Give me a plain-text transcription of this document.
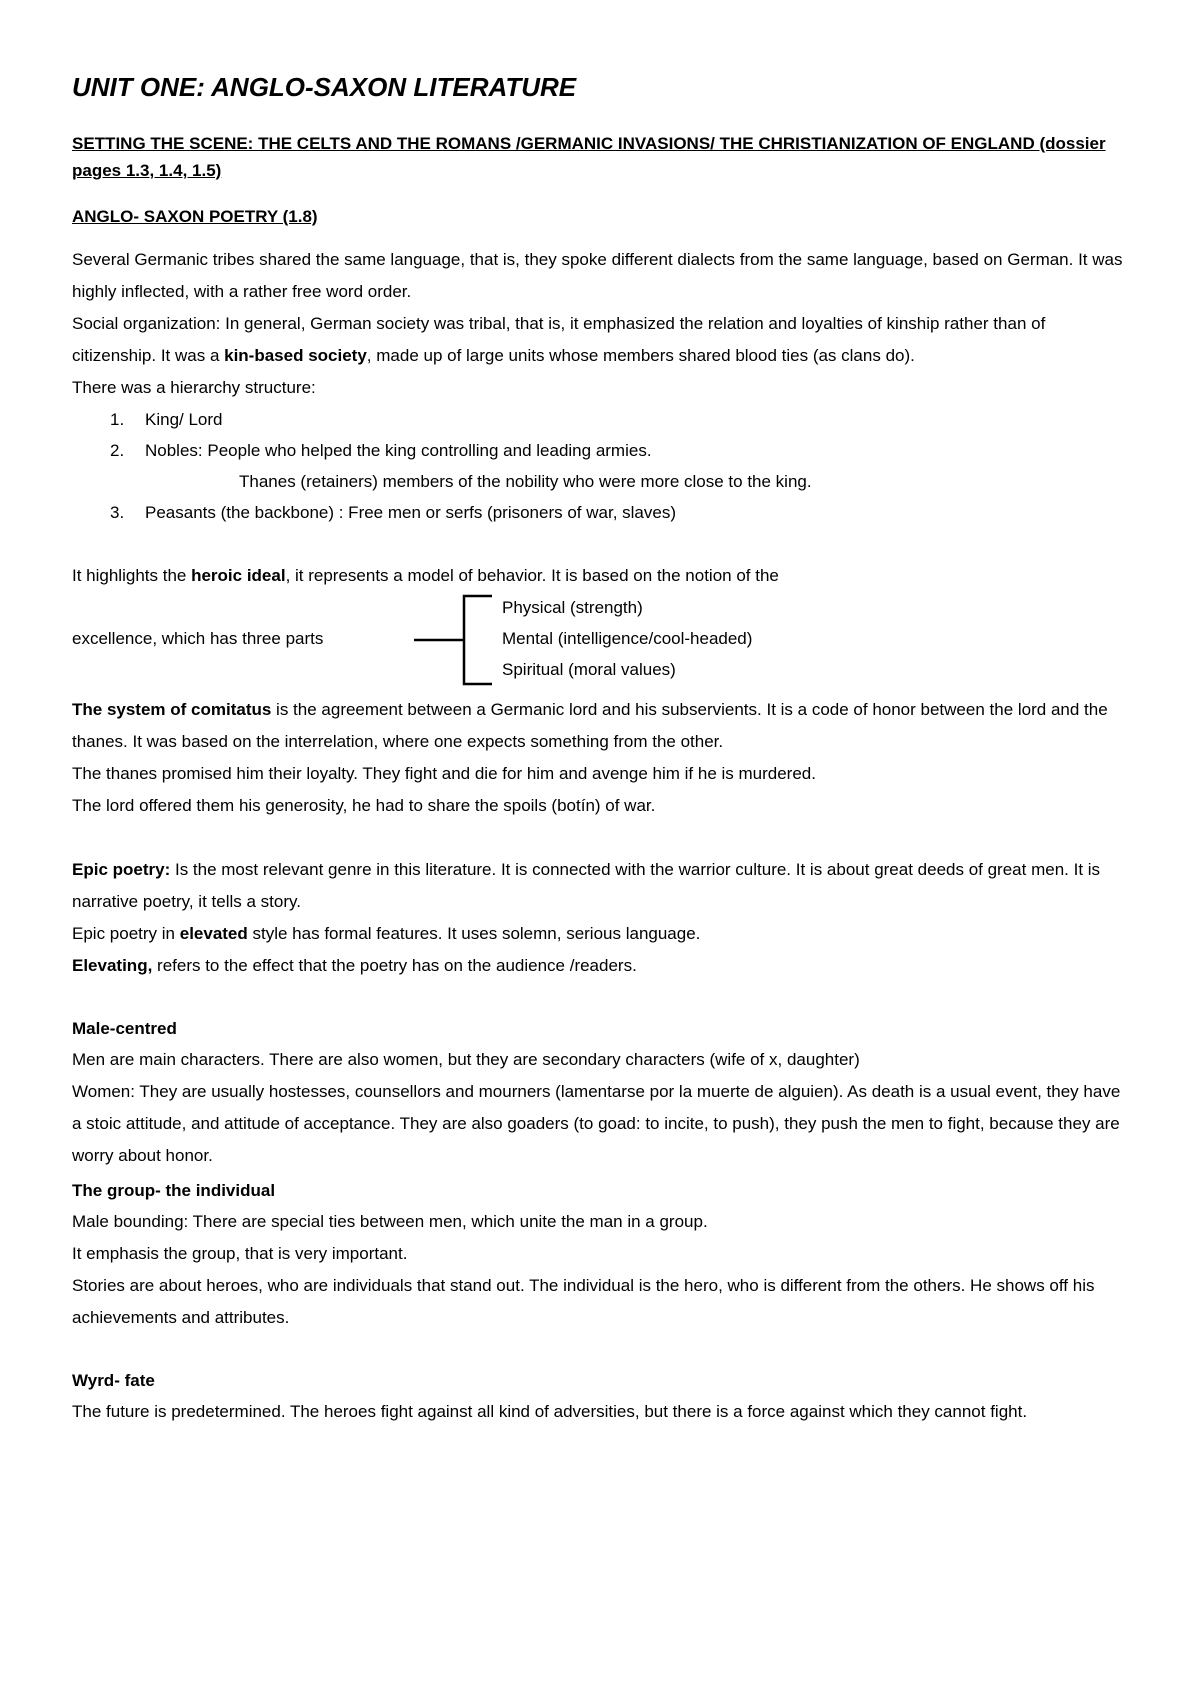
UNIT ONE: ANGLO-SAXON LITERATURE

SETTING THE SCENE: THE CELTS AND THE ROMANS /GERMANIC INVASIONS/ THE CHRISTIANIZATION OF ENGLAND (dossier pages 1.3, 1.4, 1.5)

ANGLO- SAXON POETRY (1.8)

Several Germanic tribes shared the same language, that is, they spoke different dialects from the same language, based on German. It was highly inflected, with a rather free word order.

Social organization: In general, German society was tribal, that is, it emphasized the relation and loyalties of kinship rather than of citizenship. It was a kin-based society, made up of large units whose members shared blood ties (as clans do).

There was a hierarchy structure:

1. King/ Lord
2. Nobles: People who helped the king controlling and leading armies.
Thanes (retainers) members of the nobility who were more close to the king.
3. Peasants (the backbone) : Free men or serfs (prisoners of war, slaves)

It highlights the heroic ideal, it represents a model of behavior. It is based on the notion of the

excellence, which has three parts
Physical (strength)
Mental (intelligence/cool-headed)
Spiritual (moral values)

The system of comitatus is the agreement between a Germanic lord and his subservients. It is a code of honor between the lord and the thanes. It was based on the interrelation, where one expects something from the other.

The thanes promised him their loyalty. They fight and die for him and avenge him if he is murdered.

The lord offered them his generosity, he had to share the spoils (botín) of war.

Epic poetry: Is the most relevant genre in this literature. It is connected with the warrior culture. It is about great deeds of great men. It is narrative poetry, it tells a story.

Epic poetry in elevated style has formal features. It uses solemn, serious language.

Elevating, refers to the effect that the poetry has on the audience /readers.

Male-centred

Men are main characters. There are also women, but they are secondary characters (wife of x, daughter)

Women: They are usually hostesses, counsellors and mourners (lamentarse por la muerte de alguien). As death is a usual event, they have a stoic attitude, and attitude of acceptance. They are also goaders (to goad: to incite, to push), they push the men to fight, because they are worry about honor.

The group- the individual

Male bounding: There are special ties between men, which unite the man in a group.

It emphasis the group, that is very important.

Stories are about heroes, who are individuals that stand out. The individual is the hero, who is different from the others. He shows off his achievements and attributes.

Wyrd- fate

The future is predetermined. The heroes fight against all kind of adversities, but there is a force against which they cannot fight.
